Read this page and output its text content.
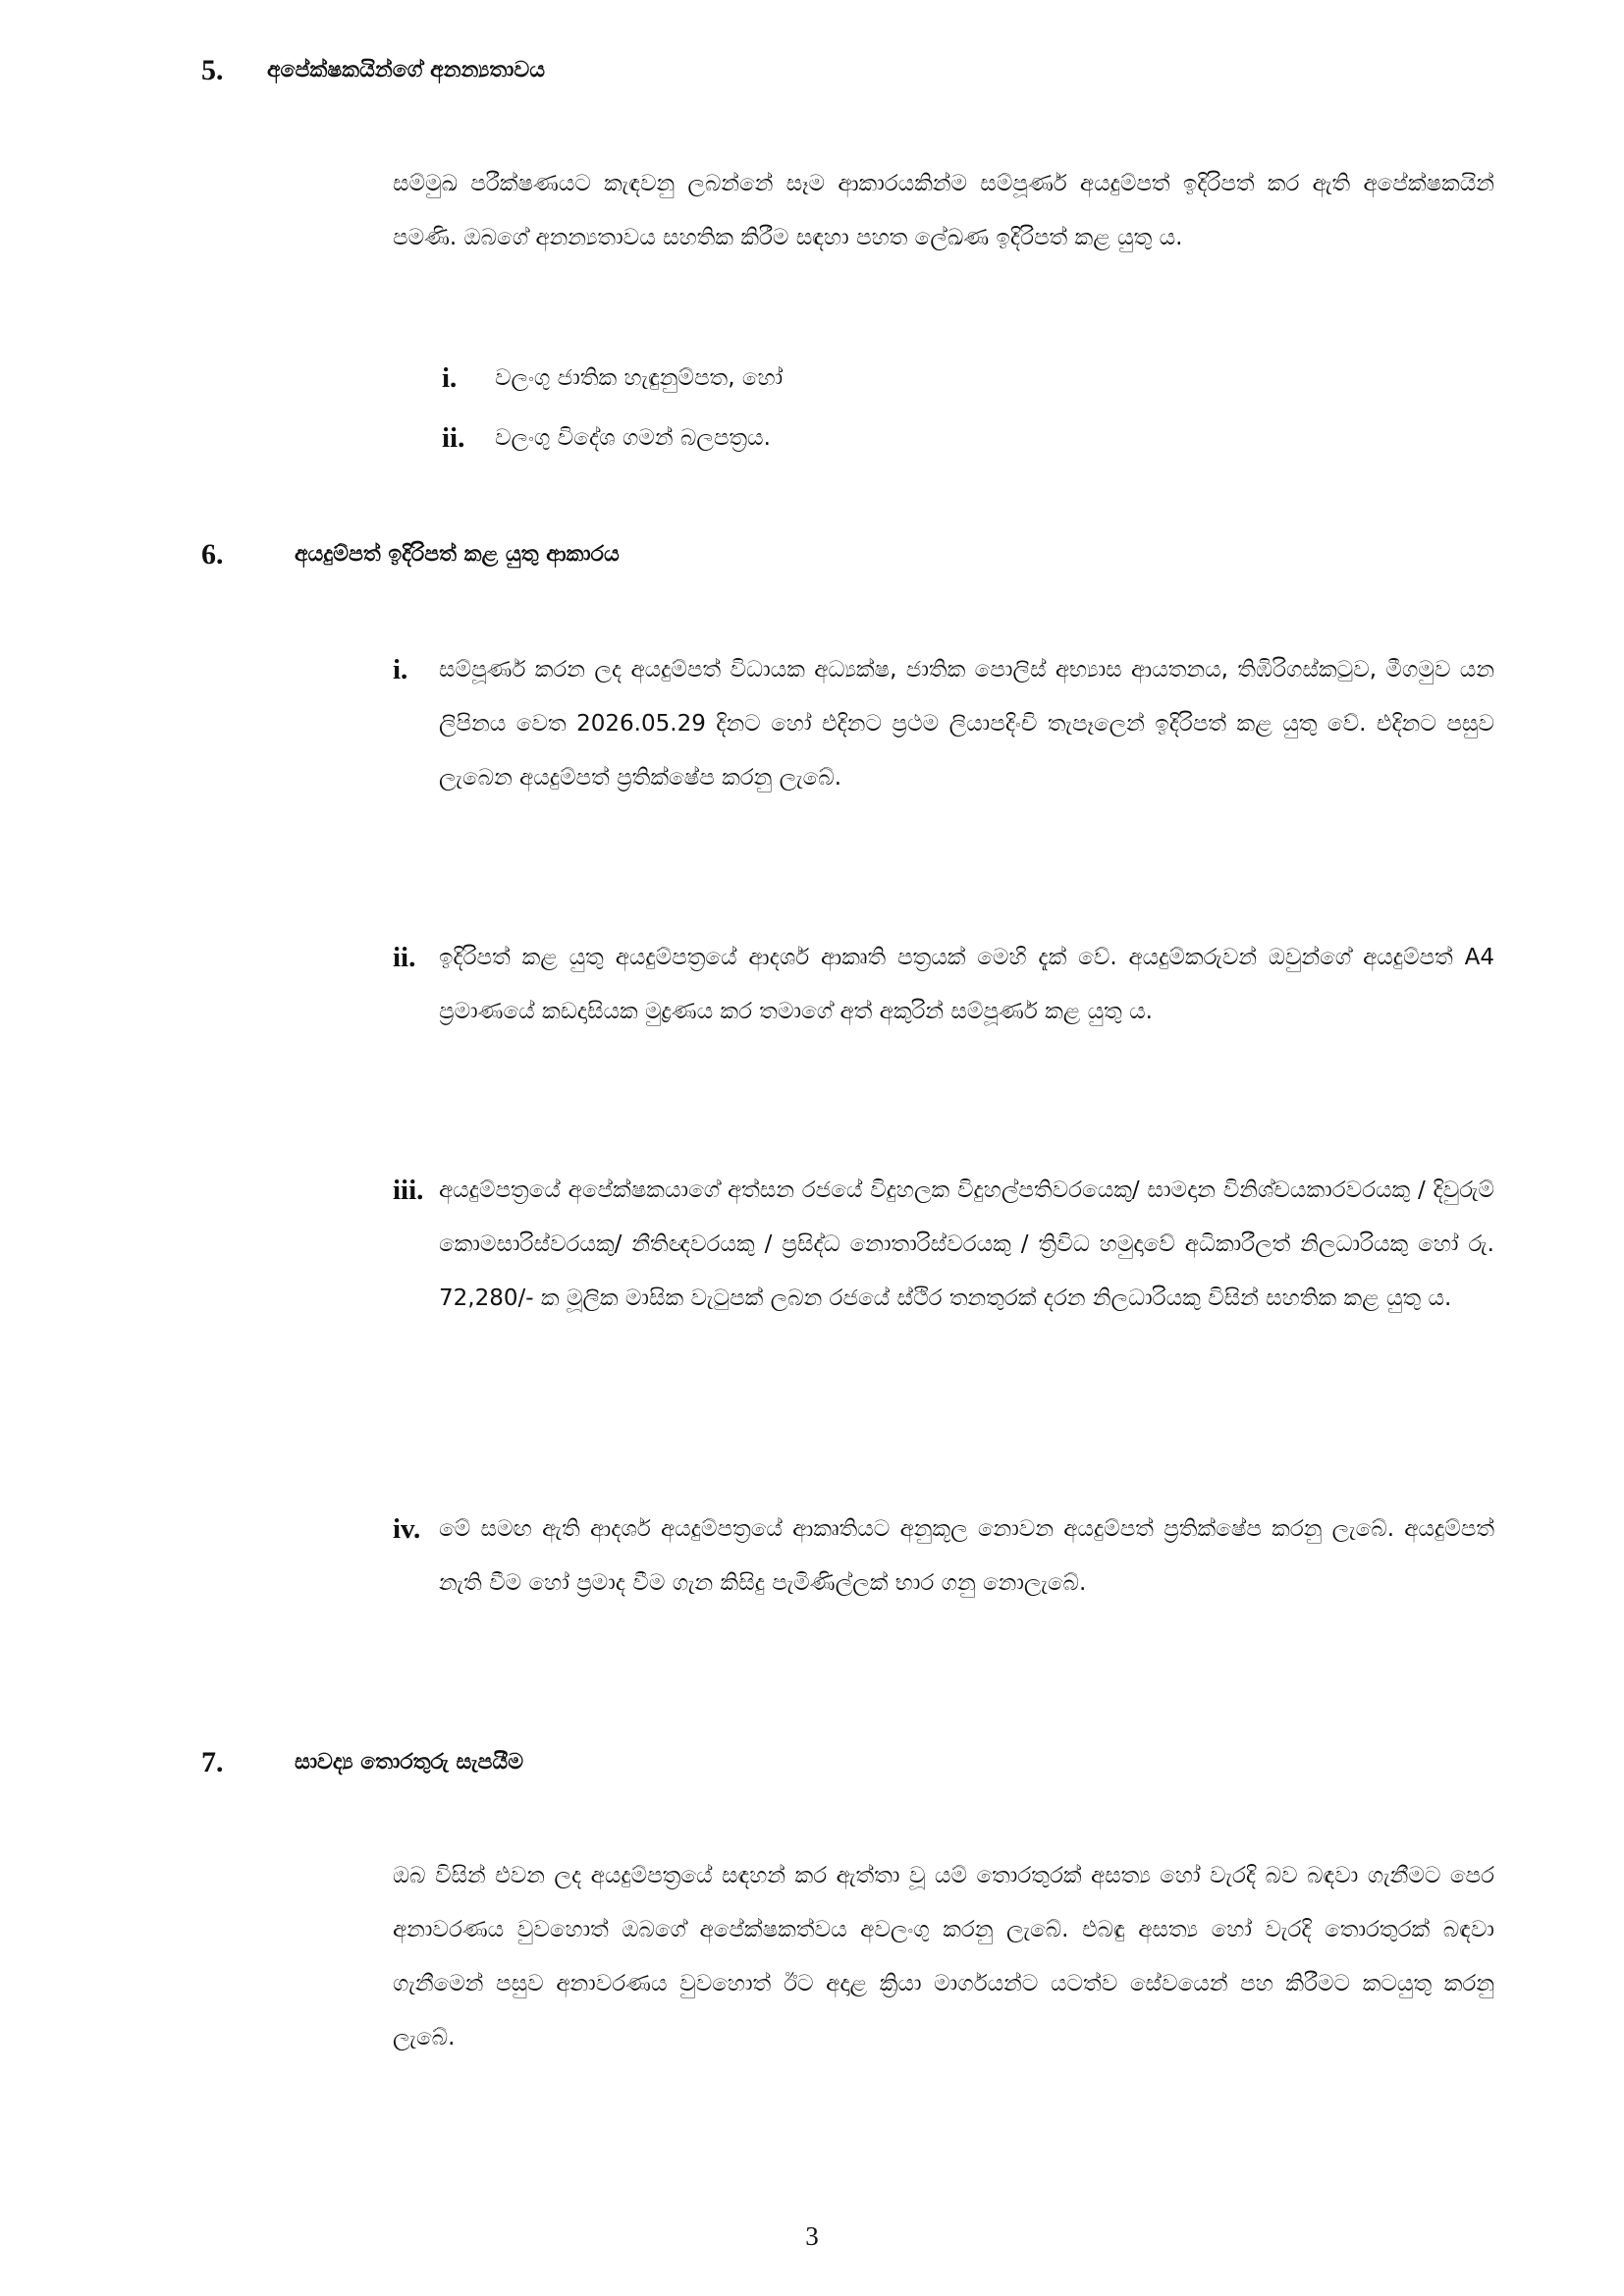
5. අපේක්ෂකයින්ගේ අනන්‍යතාවය
සම්මුඛ පරීක්ෂණයට කැඳවනු ලබන්නේ සෑම ආකාරයකින්ම සම්පූර්ණ අයදුම්පත් ඉදිරිපත් කර ඇති අපේක්ෂකයින් පමණි. ඔබගේ අනන්‍යතාවය සහතික කිරීම සඳහා පහත ලේඛණ ඉදිරිපත් කළ යුතු ය.
i. වලංගු ජාතික හැඳුනුම්පත, හෝ
ii. වලංගු විදේශ ගමන් බලපත්‍රය.
6.	අයදුම්පත් ඉදිරිපත් කළ යුතු ආකාරය
i. සම්පූර්ණ කරන ලද අයදුම්පත් විධායක අධ්‍යක්ෂ, ජාතික පොලිස් අභ්‍යාස ආයතනය, තිඹිරිගස්කටුව, මීගමුව යන ලිපිනය වෙත 2026.05.29 දිනට හෝ එදිනට ප්‍රථම ලියාපදිංචි තැපෑලෙන් ඉදිරිපත් කළ යුතු වේ. එදිනට පසුව ලැබෙන අයදුම්පත් ප්‍රතික්ෂේප කරනු ලැබේ.
ii. ඉදිරිපත් කළ යුතු අයදුම්පත්‍රයේ ආදර්ශ ආකෘති පත්‍රයක් මෙහි දැක් වේ. අයදුම්කරුවන් ඔවුන්ගේ අයදුම්පත් A4 ප්‍රමාණයේ කඩදාසියක මුද්‍රණය කර තමාගේ අත් අකුරින් සම්පූර්ණ කළ යුතු ය.
iii. අයදුම්පත්‍රයේ අපේක්ෂකයාගේ අත්සන රජයේ විදුහලක විදුහල්පතිවරයෙකු/ සාමදාන විනිශ්චයකාරවරයකු / දිවුරුම් කොමසාරිස්වරයකු/ නීතිඥවරයකු / ප්‍රසිද්ධ නොතාරිස්වරයකු / ත්‍රිවිධ හමුදාවේ අධිකාරීලත් නිලධාරියකු හෝ රු. 72,280/- ක මූලික මාසික වැටුපක් ලබන රජයේ ස්ථිර තනතුරක් දරන නිලධාරියකු විසින් සහතික කළ යුතු ය.
iv. මේ සමඟ ඇති ආදර්ශ අයදුම්පත්‍රයේ ආකෘතියට අනුකූල නොවන අයදුම්පත් ප්‍රතික්ෂේප කරනු ලැබේ. අයදුම්පත් නැති වීම හෝ ප්‍රමාද වීම ගැන කිසිදු පැමිණිල්ලක් භාර ගනු නොලැබේ.
7.	සාවද්‍ය තොරතුරු සැපයීම
ඔබ විසින් එවන ලද අයදුම්පත්‍රයේ සඳහන් කර ඇත්තා වූ යම් තොරතුරක් අසත්‍ය හෝ වැරදි බව බඳවා ගැනීමට පෙර අනාවරණය වුවහොත් ඔබගේ අපේක්ෂකත්වය අවලංගු කරනු ලැබේ. එබඳු අසත්‍ය හෝ වැරදි තොරතුරක් බඳවා ගැනීමෙන් පසුව අනාවරණය වුවහොත් ඊට අදාළ ක්‍රියා මාර්ගයන්ට යටත්ව සේවයෙන් පහ කිරීමට කටයුතු කරනු ලැබේ.
3
